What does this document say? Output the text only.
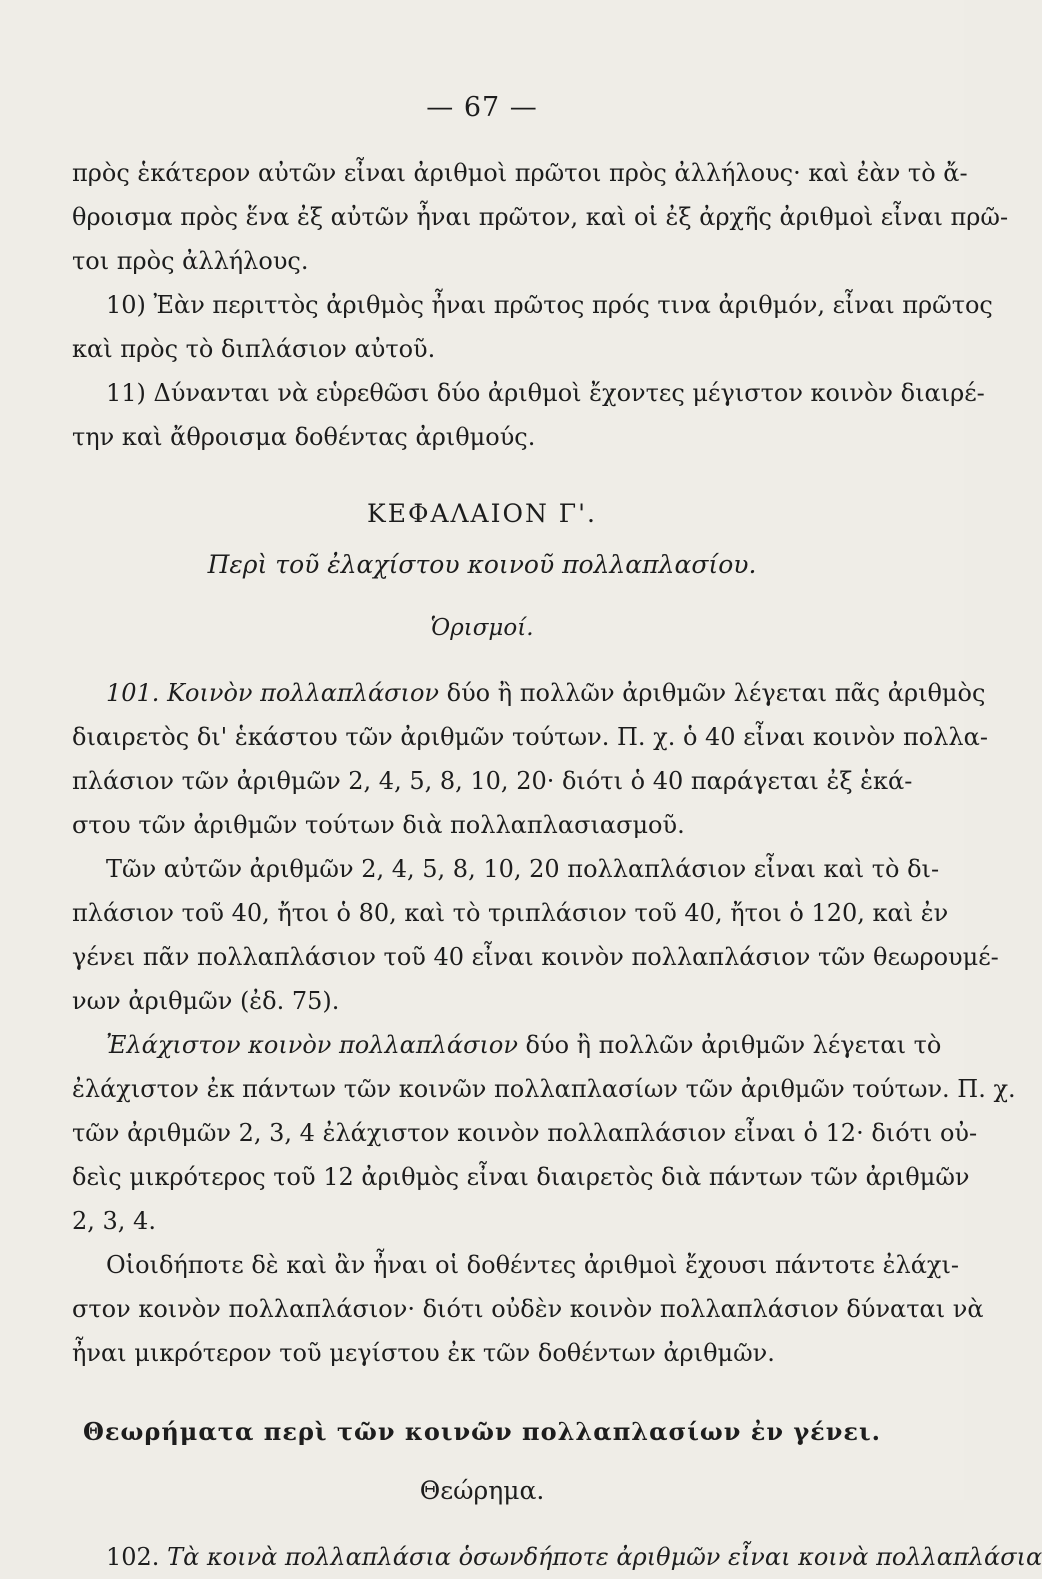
— 67 —
πρὸς ἑκάτερον αὐτῶν εἶναι ἀριθμοὶ πρῶτοι πρὸς ἀλλήλους· καὶ ἐὰν τὸ ἄ-
θροισμα πρὸς ἕνα ἐξ αὐτῶν ἦναι πρῶτον, καὶ οἱ ἐξ ἀρχῆς ἀριθμοὶ εἶναι πρῶ-
τοι πρὸς ἀλλήλους.
10) Ἐὰν περιττὸς ἀριθμὸς ἦναι πρῶτος πρός τινα ἀριθμόν, εἶναι πρῶτος
καὶ πρὸς τὸ διπλάσιον αὐτοῦ.
11) Δύνανται νὰ εὑρεθῶσι δύο ἀριθμοὶ ἔχοντες μέγιστον κοινὸν διαιρέ-
την καὶ ἄθροισμα δοθέντας ἀριθμούς.
ΚΕΦΑΛΑΙΟΝ Γ'.
Περὶ τοῦ ἐλαχίστου κοινοῦ πολλαπλασίου.
Ὁρισμοί.
101. Κοινὸν πολλαπλάσιον δύο ἢ πολλῶν ἀριθμῶν λέγεται πᾶς ἀριθμὸς
διαιρετὸς δι' ἑκάστου τῶν ἀριθμῶν τούτων. Π. χ. ὁ 40 εἶναι κοινὸν πολλα-
πλάσιον τῶν ἀριθμῶν 2, 4, 5, 8, 10, 20· διότι ὁ 40 παράγεται ἐξ ἑκά-
στου τῶν ἀριθμῶν τούτων διὰ πολλαπλασιασμοῦ.
Τῶν αὐτῶν ἀριθμῶν 2, 4, 5, 8, 10, 20 πολλαπλάσιον εἶναι καὶ τὸ δι-
πλάσιον τοῦ 40, ἤτοι ὁ 80, καὶ τὸ τριπλάσιον τοῦ 40, ἤτοι ὁ 120, καὶ ἐν
γένει πᾶν πολλαπλάσιον τοῦ 40 εἶναι κοινὸν πολλαπλάσιον τῶν θεωρουμέ-
νων ἀριθμῶν (ἐδ. 75).
Ἐλάχιστον κοινὸν πολλαπλάσιον δύο ἢ πολλῶν ἀριθμῶν λέγεται τὸ
ἐλάχιστον ἐκ πάντων τῶν κοινῶν πολλαπλασίων τῶν ἀριθμῶν τούτων. Π. χ.
τῶν ἀριθμῶν 2, 3, 4 ἐλάχιστον κοινὸν πολλαπλάσιον εἶναι ὁ 12· διότι οὐ-
δεὶς μικρότερος τοῦ 12 ἀριθμὸς εἶναι διαιρετὸς διὰ πάντων τῶν ἀριθμῶν
2, 3, 4.
Οἱοιδήποτε δὲ καὶ ἂν ἦναι οἱ δοθέντες ἀριθμοὶ ἔχουσι πάντοτε ἐλάχι-
στον κοινὸν πολλαπλάσιον· διότι οὐδὲν κοινὸν πολλαπλάσιον δύναται νὰ
ἦναι μικρότερον τοῦ μεγίστου ἐκ τῶν δοθέντων ἀριθμῶν.
Θεωρήματα περὶ τῶν κοινῶν πολλαπλασίων ἐν γένει.
Θεώρημα.
102. Τὰ κοινὰ πολλαπλάσια ὁσωνδήποτε ἀριθμῶν εἶναι κοινὰ πολλαπλάσια
